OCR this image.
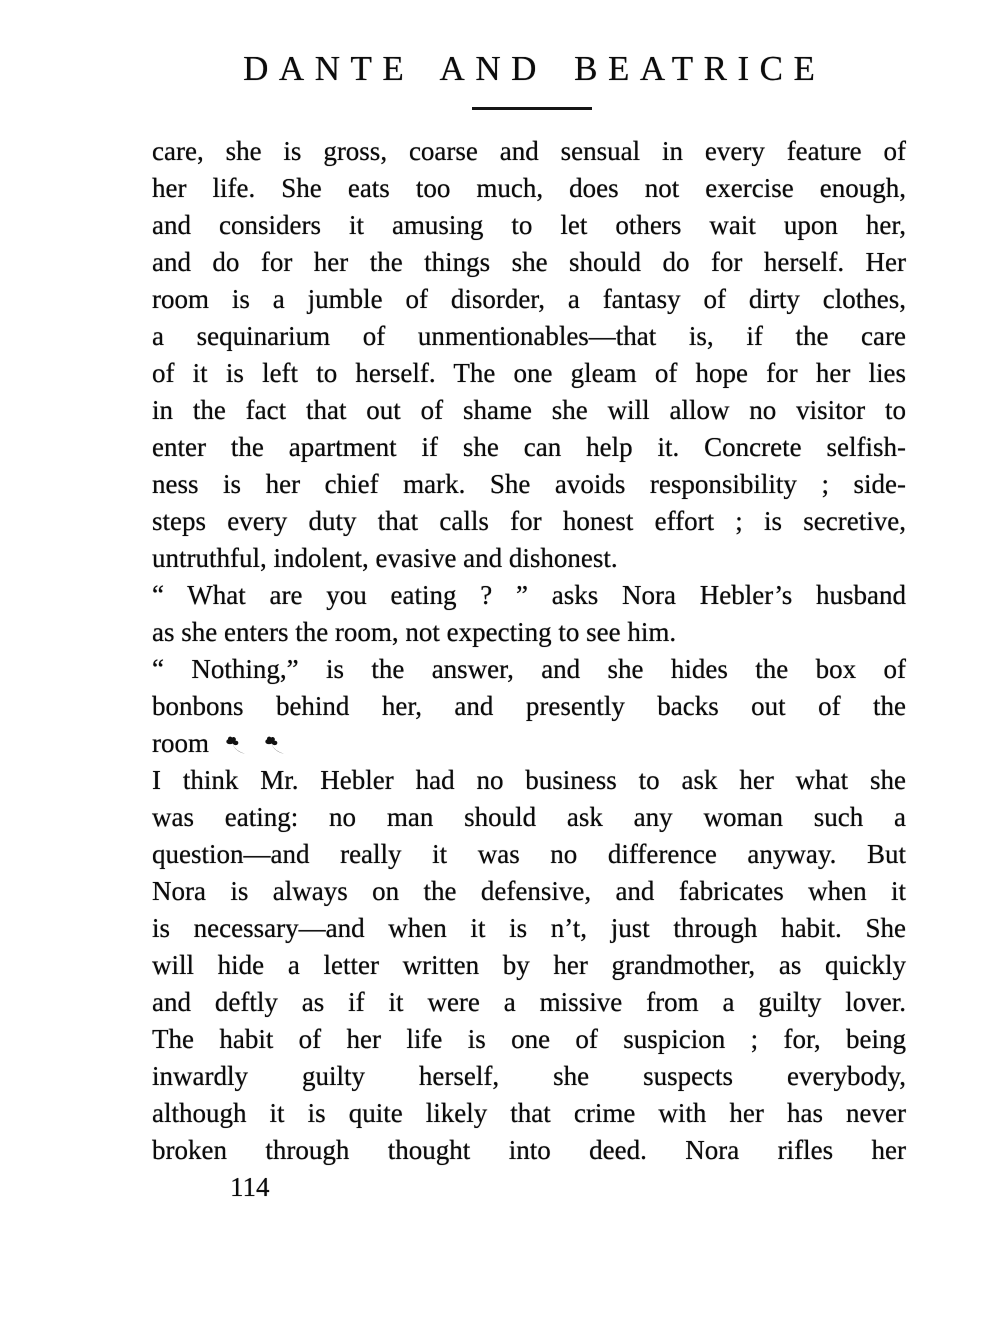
DANTE AND BEATRICE
care, she is gross, coarse and sensual in every feature of
her life. She eats too much, does not exercise enough,
and considers it amusing to let others wait upon her,
and do for her the things she should do for herself. Her
room is a jumble of disorder, a fantasy of dirty clothes,
a sequinarium of unmentionables—that is, if the care
of it is left to herself. The one gleam of hope for her lies
in the fact that out of shame she will allow no visitor to
enter the apartment if she can help it. Concrete selfish-
ness is her chief mark. She avoids responsibility ; side-
steps every duty that calls for honest effort ; is secretive,
untruthful, indolent, evasive and dishonest.
“ What are you eating ? ” asks Nora Hebler’s husband
as she enters the room, not expecting to see him.
“ Nothing,” is the answer, and she hides the box of
bonbons behind her, and presently backs out of the
room
I think Mr. Hebler had no business to ask her what she
was eating: no man should ask any woman such a
question—and really it was no difference anyway. But
Nora is always on the defensive, and fabricates when it
is necessary—and when it is n’t, just through habit. She
will hide a letter written by her grandmother, as quickly
and deftly as if it were a missive from a guilty lover.
The habit of her life is one of suspicion ; for, being
inwardly guilty herself, she suspects everybody,
although it is quite likely that crime with her has never
broken through thought into deed. Nora rifles her
114
